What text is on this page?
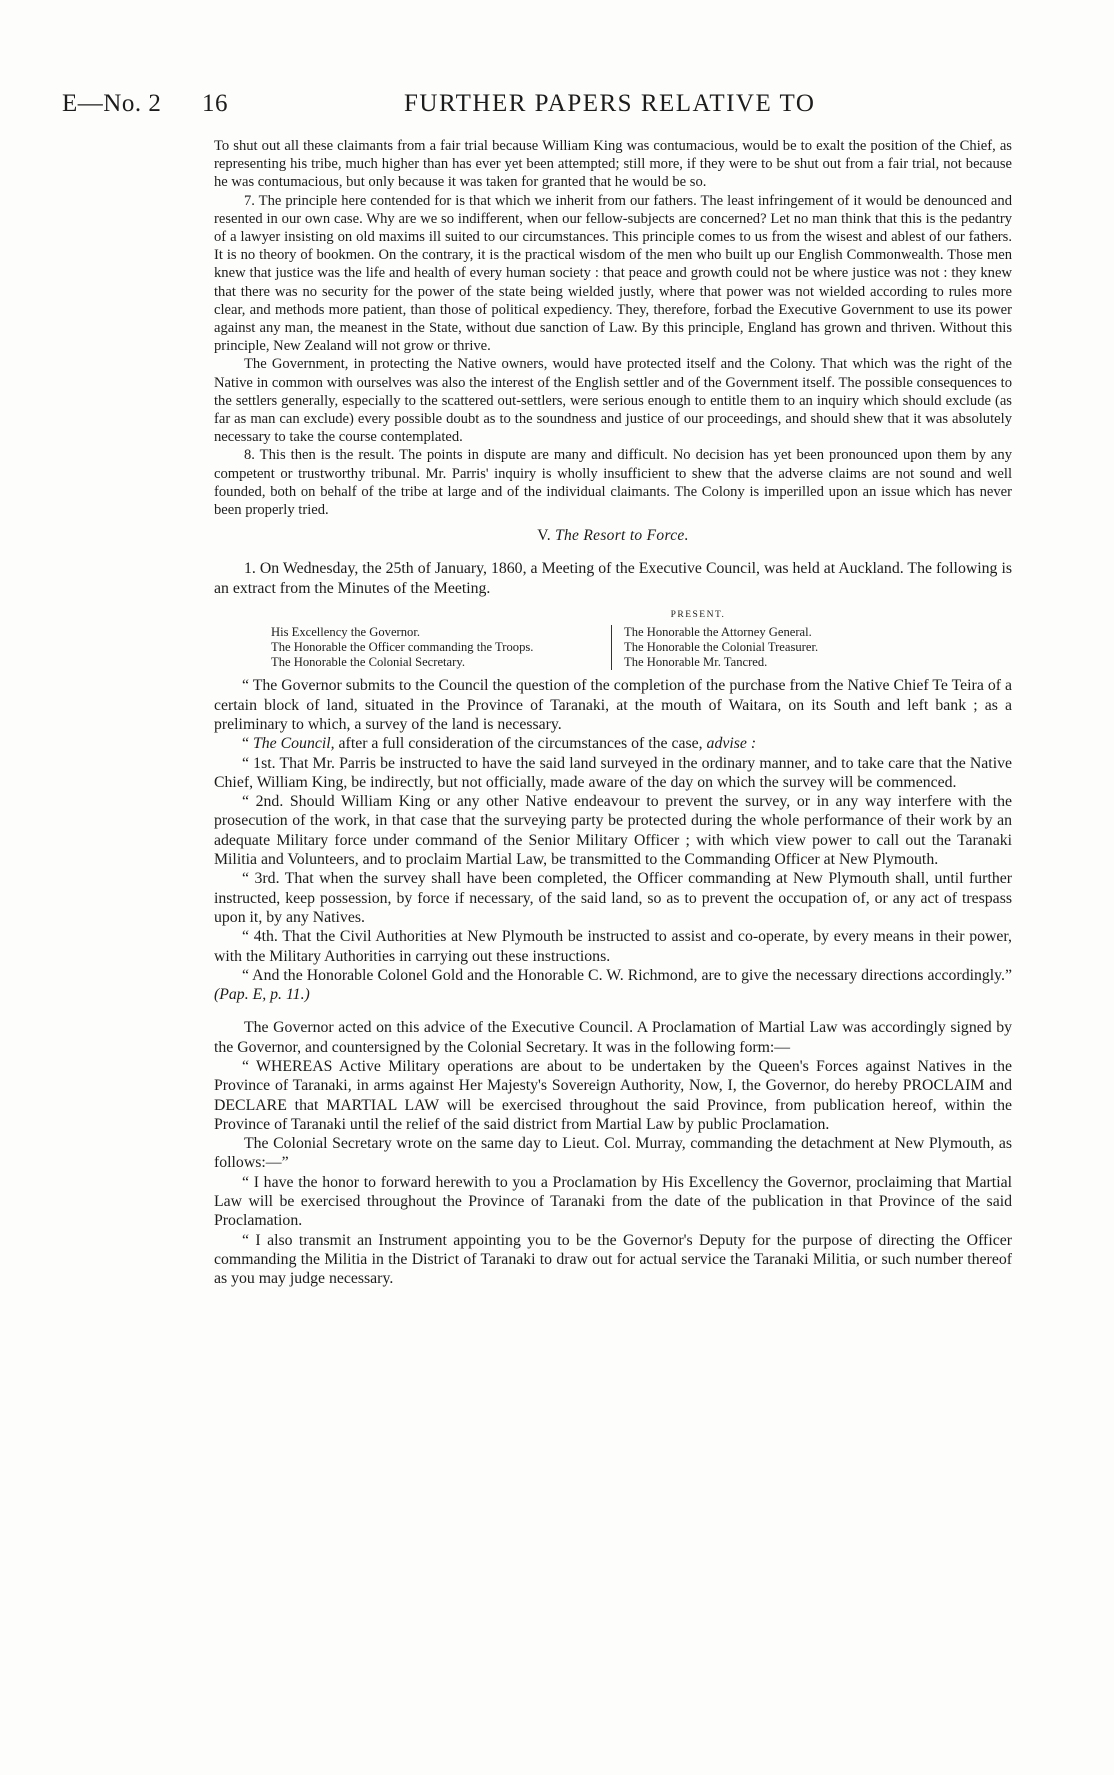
E—No. 2 16	FURTHER PAPERS RELATIVE TO

To shut out all these claimants from a fair trial because William King was contumacious, would be to exalt the position of the Chief, as representing his tribe, much higher than has ever yet been attempted; still more, if they were to be shut out from a fair trial, not because he was contumacious, but only because it was taken for granted that he would be so.

7. The principle here contended for is that which we inherit from our fathers. The least infringement of it would be denounced and resented in our own case. Why are we so indifferent, when our fellow-subjects are concerned? Let no man think that this is the pedantry of a lawyer insisting on old maxims ill suited to our circumstances. This principle comes to us from the wisest and ablest of our fathers. It is no theory of bookmen. On the contrary, it is the practical wisdom of the men who built up our English Commonwealth. Those men knew that justice was the life and health of every human society : that peace and growth could not be where justice was not : they knew that there was no security for the power of the state being wielded justly, where that power was not wielded according to rules more clear, and methods more patient, than those of political expediency. They, therefore, forbad the Executive Government to use its power against any man, the meanest in the State, without due sanction of Law. By this principle, England has grown and thriven. Without this principle, New Zealand will not grow or thrive.

The Government, in protecting the Native owners, would have protected itself and the Colony. That which was the right of the Native in common with ourselves was also the interest of the English settler and of the Government itself. The possible consequences to the settlers generally, especially to the scattered out-settlers, were serious enough to entitle them to an inquiry which should exclude (as far as man can exclude) every possible doubt as to the soundness and justice of our proceedings, and should shew that it was absolutely necessary to take the course contemplated.

8. This then is the result. The points in dispute are many and difficult. No decision has yet been pronounced upon them by any competent or trustworthy tribunal. Mr. Parris' inquiry is wholly insufficient to shew that the adverse claims are not sound and well founded, both on behalf of the tribe at large and of the individual claimants. The Colony is imperilled upon an issue which has never been properly tried.

V. The Resort to Force.

1. On Wednesday, the 25th of January, 1860, a Meeting of the Executive Council, was held at Auckland. The following is an extract from the Minutes of the Meeting.

PRESENT.

His Excellency the Governor.
The Honorable the Officer commanding the Troops.
The Honorable the Colonial Secretary.
The Honorable the Attorney General.
The Honorable the Colonial Treasurer.
The Honorable Mr. Tancred.

“ The Governor submits to the Council the question of the completion of the purchase from the Native Chief Te Teira of a certain block of land, situated in the Province of Taranaki, at the mouth of Waitara, on its South and left bank ; as a preliminary to which, a survey of the land is necessary.

“ The Council, after a full consideration of the circumstances of the case, advise :

“ 1st. That Mr. Parris be instructed to have the said land surveyed in the ordinary manner, and to take care that the Native Chief, William King, be indirectly, but not officially, made aware of the day on which the survey will be commenced.

“ 2nd. Should William King or any other Native endeavour to prevent the survey, or in any way interfere with the prosecution of the work, in that case that the surveying party be protected during the whole performance of their work by an adequate Military force under command of the Senior Military Officer ; with which view power to call out the Taranaki Militia and Volunteers, and to proclaim Martial Law, be transmitted to the Commanding Officer at New Plymouth.

“ 3rd. That when the survey shall have been completed, the Officer commanding at New Plymouth shall, until further instructed, keep possession, by force if necessary, of the said land, so as to prevent the occupation of, or any act of trespass upon it, by any Natives.

“ 4th. That the Civil Authorities at New Plymouth be instructed to assist and co-operate, by every means in their power, with the Military Authorities in carrying out these instructions.

“ And the Honorable Colonel Gold and the Honorable C. W. Richmond, are to give the necessary directions accordingly.” (Pap. E, p. 11.)

The Governor acted on this advice of the Executive Council. A Proclamation of Martial Law was accordingly signed by the Governor, and countersigned by the Colonial Secretary. It was in the following form:—

“ WHEREAS Active Military operations are about to be undertaken by the Queen's Forces against Natives in the Province of Taranaki, in arms against Her Majesty's Sovereign Authority, Now, I, the Governor, do hereby PROCLAIM and DECLARE that MARTIAL LAW will be exercised throughout the said Province, from publication hereof, within the Province of Taranaki until the relief of the said district from Martial Law by public Proclamation.

The Colonial Secretary wrote on the same day to Lieut. Col. Murray, commanding the detachment at New Plymouth, as follows:—”

“ I have the honor to forward herewith to you a Proclamation by His Excellency the Governor, proclaiming that Martial Law will be exercised throughout the Province of Taranaki from the date of the publication in that Province of the said Proclamation.

“ I also transmit an Instrument appointing you to be the Governor's Deputy for the purpose of directing the Officer commanding the Militia in the District of Taranaki to draw out for actual service the Taranaki Militia, or such number thereof as you may judge necessary.
